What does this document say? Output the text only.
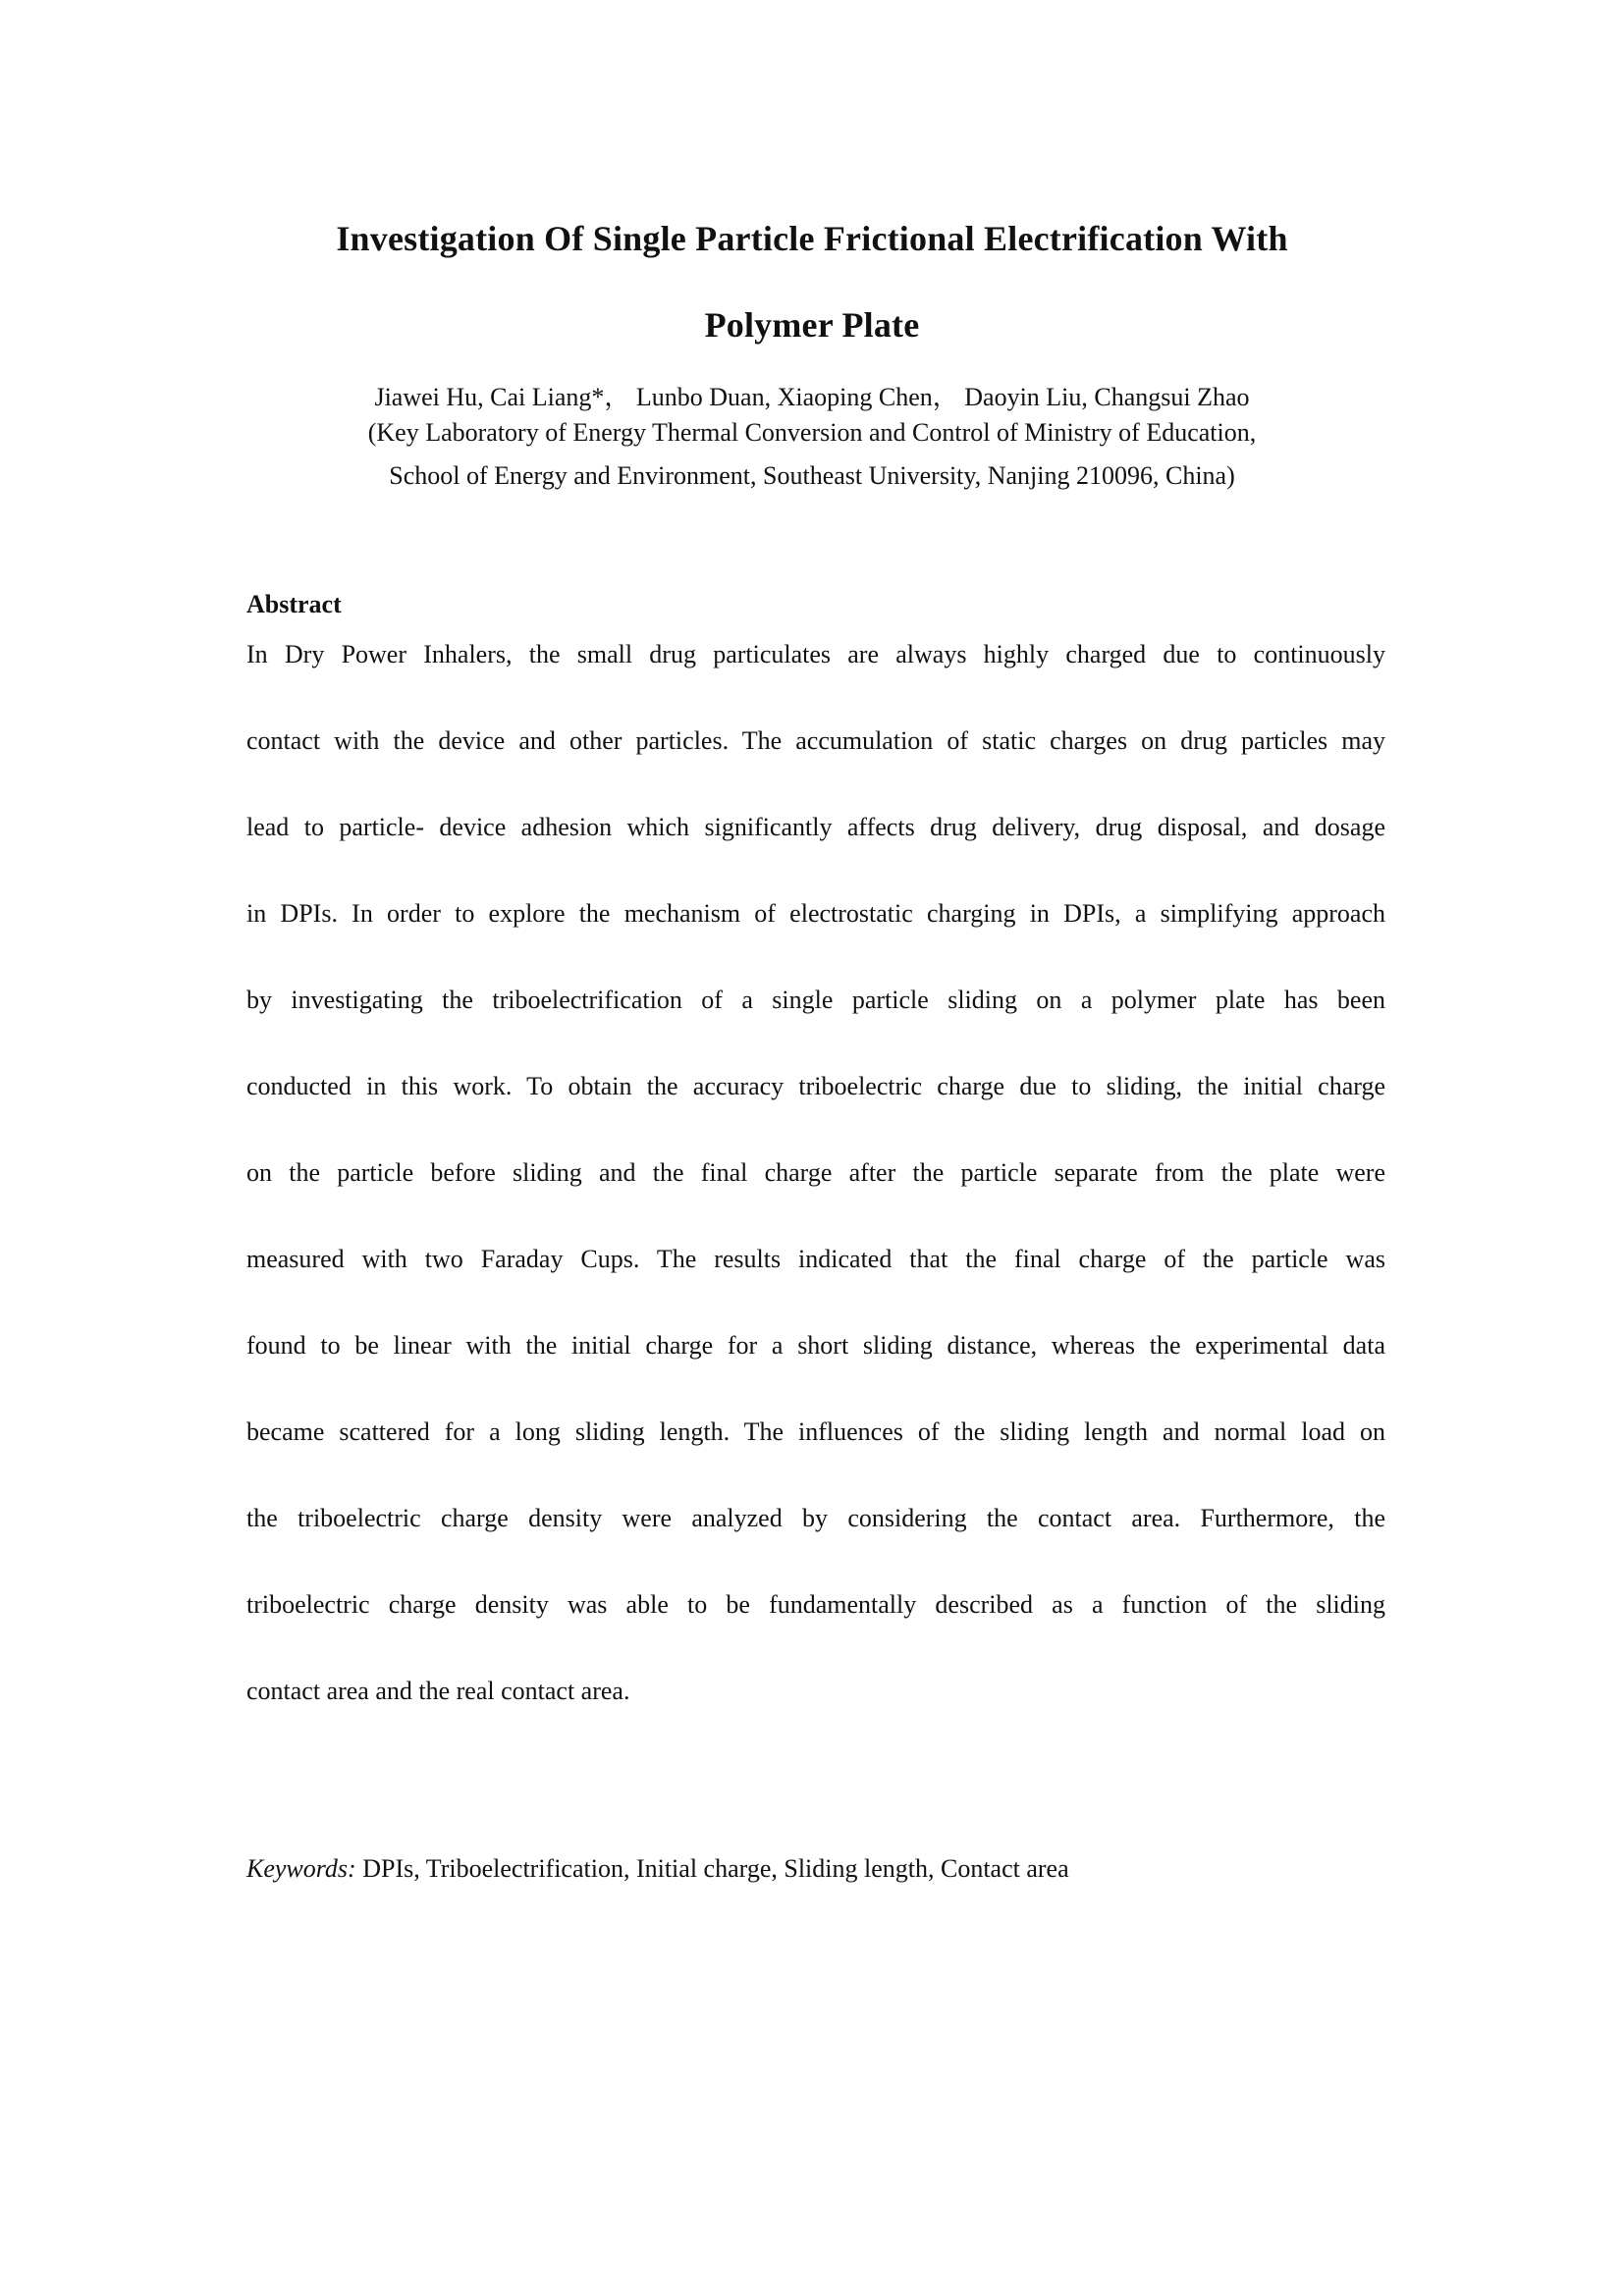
Investigation Of Single Particle Frictional Electrification With
Polymer Plate
Jiawei Hu, Cai Liang*， Lunbo Duan, Xiaoping Chen， Daoyin Liu, Changsui Zhao
(Key Laboratory of Energy Thermal Conversion and Control of Ministry of Education,
School of Energy and Environment, Southeast University, Nanjing 210096, China)
Abstract
In Dry Power Inhalers, the small drug particulates are always highly charged due to continuously
contact with the device and other particles. The accumulation of static charges on drug particles may
lead to particle- device adhesion which significantly affects drug delivery, drug disposal, and dosage
in DPIs. In order to explore the mechanism of electrostatic charging in DPIs, a simplifying approach
by investigating the triboelectrification of a single particle sliding on a polymer plate has been
conducted in this work. To obtain the accuracy triboelectric charge due to sliding, the initial charge
on the particle before sliding and the final charge after the particle separate from the plate were
measured with two Faraday Cups. The results indicated that the final charge of the particle was
found to be linear with the initial charge for a short sliding distance, whereas the experimental data
became scattered for a long sliding length. The influences of the sliding length and normal load on
the triboelectric charge density were analyzed by considering the contact area. Furthermore, the
triboelectric charge density was able to be fundamentally described as a function of the sliding
contact area and the real contact area.
Keywords: DPIs, Triboelectrification, Initial charge, Sliding length, Contact area
